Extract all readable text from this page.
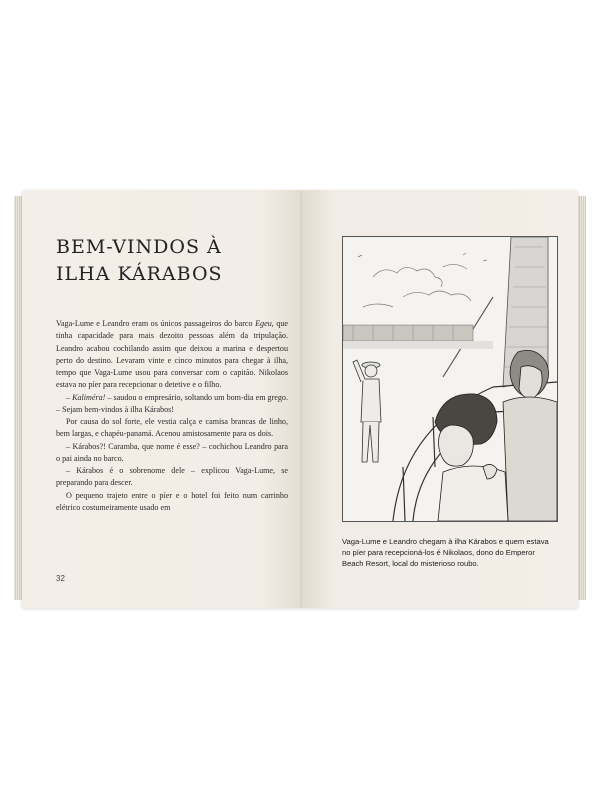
BEM-VINDOS À
ILHA KÁRABOS

Vaga-Lume e Leandro eram os únicos passageiros do barco Egeu, que tinha capacidade para mais dezoito pessoas além da tripulação. Leandro acabou cochilando assim que deixou a marina e despertou perto do destino. Levaram vinte e cinco minutos para chegar à ilha, tempo que Vaga-Lume usou para conversar com o capitão. Nikolaos estava no píer para recepcionar o detetive e o filho.

– Kaliméra! – saudou o empresário, soltando um bom-dia em grego. – Sejam bem-vindos à ilha Kárabos!

Por causa do sol forte, ele vestia calça e camisa brancas de linho, bem largas, e chapéu-panamá. Acenou amistosamente para os dois.

– Kárabos?! Caramba, que nome é esse? – cochichou Leandro para o pai ainda no barco.

– Kárabos é o sobrenome dele – explicou Vaga-Lume, se preparando para descer.

O pequeno trajeto entre o píer e o hotel foi feito num carrinho elétrico costumeiramente usado em

32
Vaga-Lume e Leandro chegam à ilha Kárabos e quem estava no píer para recepcioná-los é Nikolaos, dono do Emperor Beach Resort, local do misterioso roubo.
